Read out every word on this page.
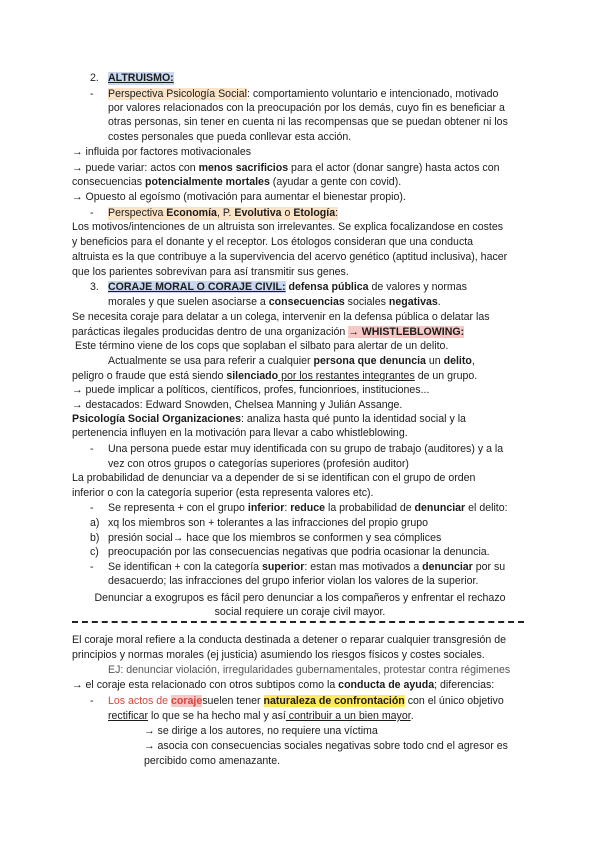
2. ALTRUISMO:
- Perspectiva Psicología Social: comportamiento voluntario e intencionado, motivado
por valores relacionados con la preocupación por los demás, cuyo fin es beneficiar a
otras personas, sin tener en cuenta ni las recompensas que se puedan obtener ni los
costes personales que pueda conllevar esta acción.
→ influida por factores motivacionales
→ puede variar: actos con menos sacrificios para el actor (donar sangre) hasta actos con
consecuencias potencialmente mortales (ayudar a gente con covid).
→ Opuesto al egoísmo (motivación para aumentar el bienestar propio).
- Perspectiva Economía, P. Evolutiva o Etología:
Los motivos/intenciones de un altruista son irrelevantes. Se explica focalizandose en costes
y beneficios para el donante y el receptor. Los étologos consideran que una conducta
altruista es la que contribuye a la supervivencia del acervo genético (aptitud inclusiva), hacer
que los parientes sobrevivan para así transmitir sus genes.
3. CORAJE MORAL O CORAJE CIVIL: defensa pública de valores y normas
morales y que suelen asociarse a consecuencias sociales negativas.
Se necesita coraje para delatar a un colega, intervenir en la defensa pública o delatar las
parácticas ilegales producidas dentro de una organización → WHISTLEBLOWING:
Este término viene de los cops que soplaban el silbato para alertar de un delito.
Actualmente se usa para referir a cualquier persona que denuncia un delito,
peligro o fraude que está siendo silenciado por los restantes integrantes de un grupo.
→ puede implicar a políticos, científicos, profes, funcionrioes, instituciones...
→ destacados: Edward Snowden, Chelsea Manning y Julián Assange.
Psicología Social Organizaciones: analiza hasta qué punto la identidad social y la
pertenencia influyen en la motivación para llevar a cabo whistleblowing.
- Una persona puede estar muy identificada con su grupo de trabajo (auditores) y a la
vez con otros grupos o categorías superiores (profesión auditor)
La probabilidad de denunciar va a depender de si se identifican con el grupo de orden
inferior o con la categoría superior (esta representa valores etc).
- Se representa + con el grupo inferior: reduce la probabilidad de denunciar el delito:
a) xq los miembros son + tolerantes a las infracciones del propio grupo
b) presión social→ hace que los miembros se conformen y sea cómplices
c) preocupación por las consecuencias negativas que podria ocasionar la denuncia.
- Se identifican + con la categoría superior: estan mas motivados a denunciar por su
desacuerdo; las infracciones del grupo inferior violan los valores de la superior.
Denunciar a exogrupos es fácil pero denunciar a los compañeros y enfrentar el rechazo
social requiere un coraje civil mayor.
El coraje moral refiere a la conducta destinada a detener o reparar cualquier transgresión de
principios y normas morales (ej justicia) asumiendo los riesgos físicos y costes sociales.
EJ: denunciar violación, irregularidades gubernamentales, protestar contra régimenes
→ el coraje esta relacionado con otros subtipos como la conducta de ayuda; diferencias:
- Los actos de corajesuelen tener naturaleza de confrontación con el único objetivo
rectificar lo que se ha hecho mal y así contribuir a un bien mayor.
→ se dirige a los autores, no requiere una víctima
→ asocia con consecuencias sociales negativas sobre todo cnd el agresor es
percibido como amenazante.
